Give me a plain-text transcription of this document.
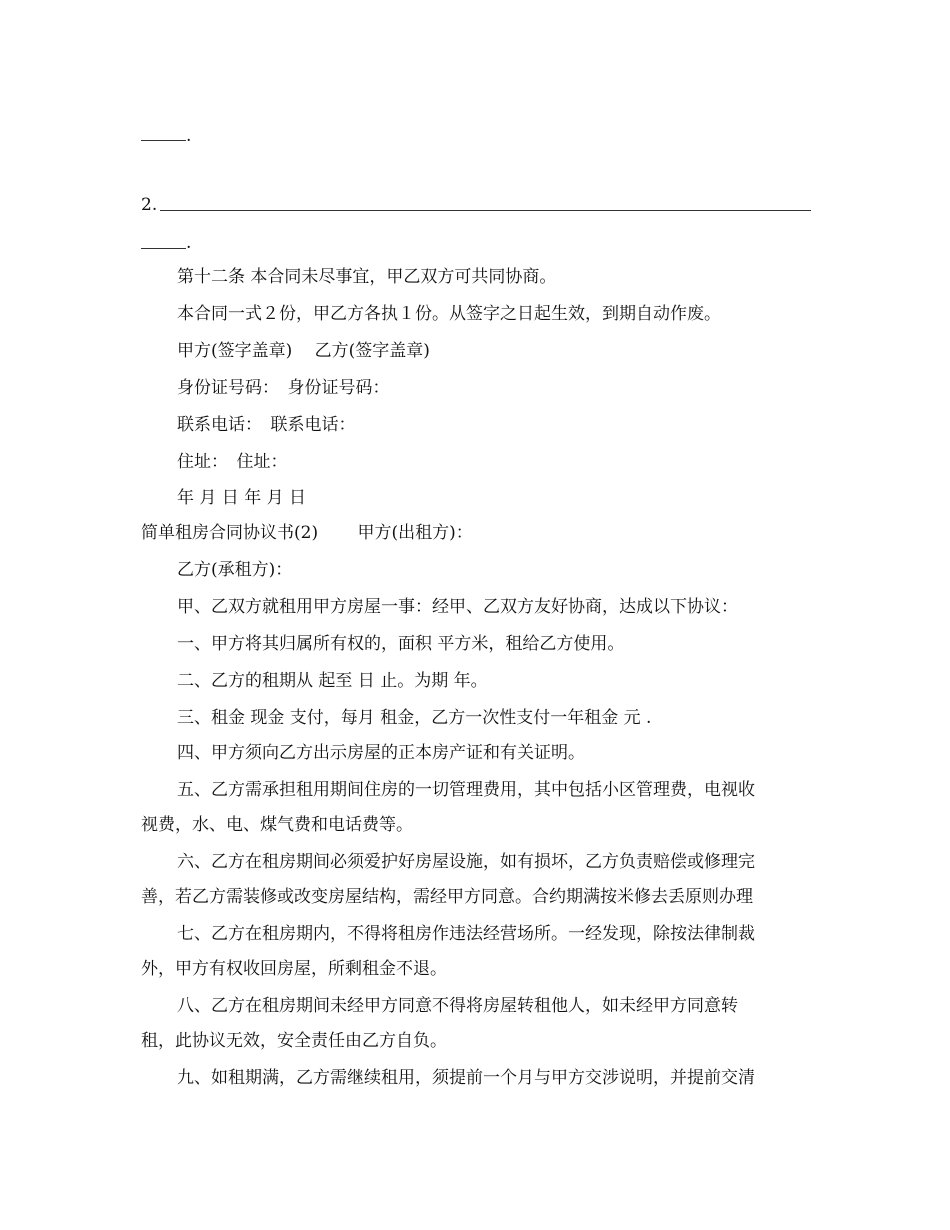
.
2.
.
第十二条 本合同未尽事宜，甲乙双方可共同协商。
本合同一式２份，甲乙方各执１份。从签字之日起生效，到期自动作废。
甲方(签字盖章)　 乙方(签字盖章)
身份证号码：　身份证号码：
联系电话：　联系电话：
住址：　住址：
年 月 日 年 月 日
简单租房合同协议书(2)　　 甲方(出租方)：
乙方(承租方)：
甲、乙双方就租用甲方房屋一事：经甲、乙双方友好协商，达成以下协议：
一、甲方将其归属所有权的，面积 平方米，租给乙方使用。
二、乙方的租期从 起至 日 止。为期 年。
三、租金 现金 支付，每月 租金，乙方一次性支付一年租金 元 .
四、甲方须向乙方出示房屋的正本房产证和有关证明。
五、乙方需承担租用期间住房的一切管理费用，其中包括小区管理费，电视收
视费，水、电、煤气费和电话费等。
六、乙方在租房期间必须爱护好房屋设施，如有损坏，乙方负责赔偿或修理完
善，若乙方需装修或改变房屋结构，需经甲方同意。合约期满按米修去丢原则办理
七、乙方在租房期内，不得将租房作违法经营场所。一经发现，除按法律制裁
外，甲方有权收回房屋，所剩租金不退。
八、乙方在租房期间未经甲方同意不得将房屋转租他人，如未经甲方同意转
租，此协议无效，安全责任由乙方自负。
九、如租期满，乙方需继续租用，须提前一个月与甲方交涉说明，并提前交清
